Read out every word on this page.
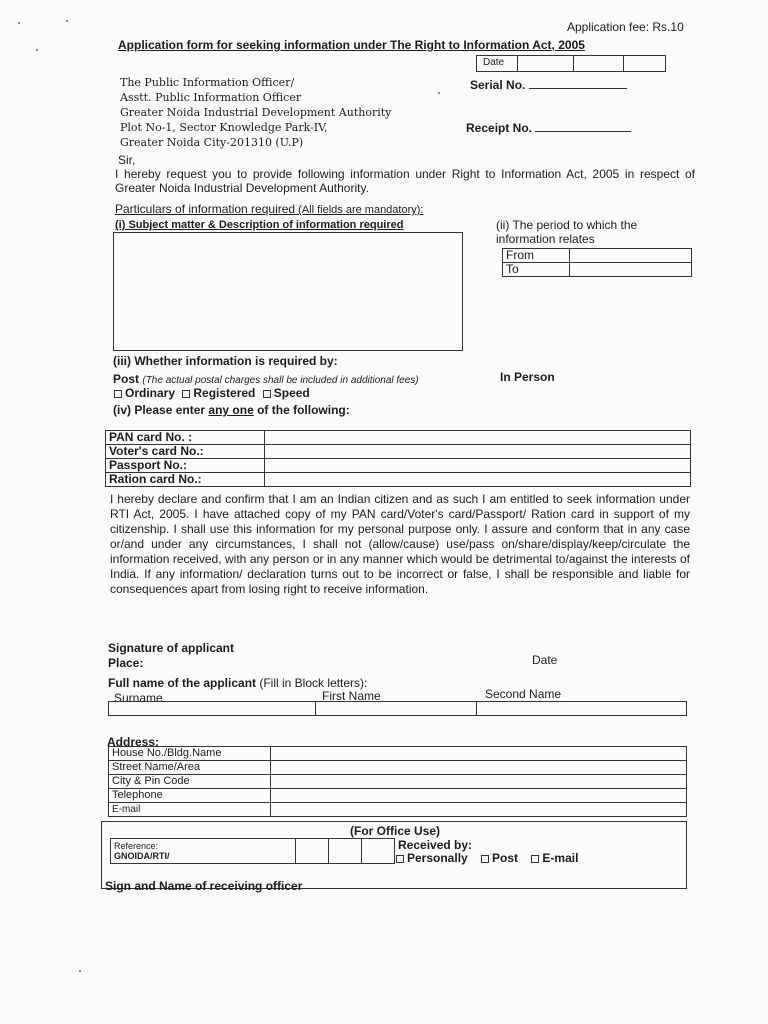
Application fee: Rs.10
Application form for seeking information under The Right to Information Act, 2005
Date
The Public Information Officer/
Asstt. Public Information Officer
Greater Noida Industrial Development Authority
Plot No-1, Sector Knowledge Park-IV,
Greater Noida City-201310 (U.P)
Serial No.
Receipt No.
Sir,
I hereby request you to provide following information under Right to Information Act, 2005 in respect of Greater Noida Industrial Development Authority.
Particulars of information required (All fields are mandatory):
(i) Subject matter & Description of information required	(ii) The period to which the information relates
From	
To	
(iii) Whether information is required by:
Post (The actual postal charges shall be included in additional fees)	In Person
Ordinary Registered Speed
(iv) Please enter any one of the following:
PAN card No. :	
Voter's card No.:	
Passport No.:	
Ration card No.:	
I hereby declare and confirm that I am an Indian citizen and as such I am entitled to seek information under RTI Act, 2005. I have attached copy of my PAN card/Voter's card/Passport/ Ration card in support of my citizenship. I shall use this information for my personal purpose only. I assure and conform that in any case or/and under any circumstances, I shall not (allow/cause) use/pass on/share/display/keep/circulate the information received, with any person or in any manner which would be detrimental to/against the interests of India. If any information/ declaration turns out to be incorrect or false, I shall be responsible and liable for consequences apart from losing right to receive information.
Signature of applicant
Place:	Date
Full name of the applicant (Fill in Block letters):
Surname	First Name	Second Name

Address:
House No./Bldg.Name	
Street Name/Area	
City & Pin Code	
Telephone	
E-mail	
(For Office Use)
Reference:
GNOIDA/RTI/

Received by:
Personally Post E-mail
Sign and Name of receiving officer
